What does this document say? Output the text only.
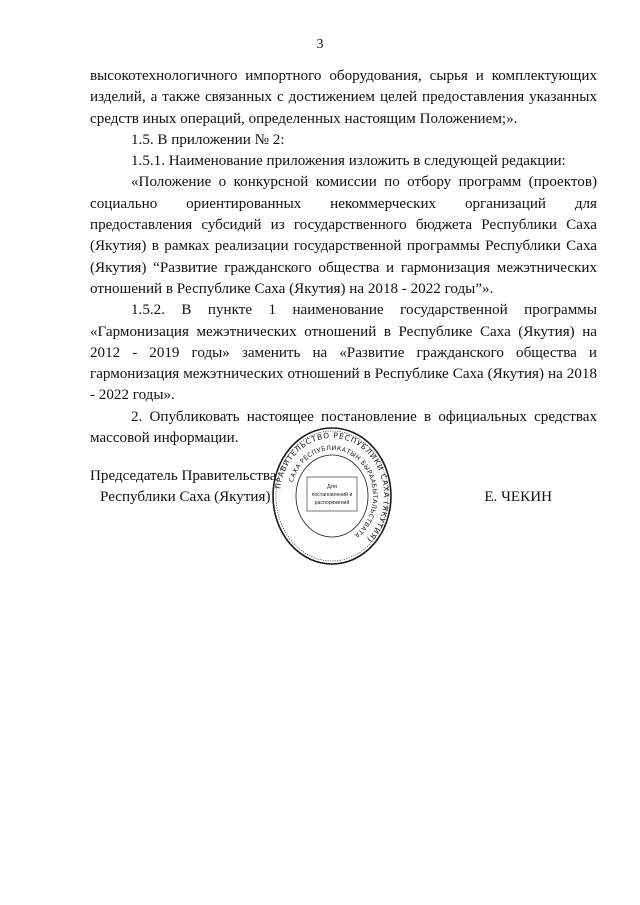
3

высокотехнологичного импортного оборудования, сырья и комплектующих изделий, а также связанных с достижением целей предоставления указанных средств иных операций, определенных настоящим Положением;».

1.5. В приложении № 2:

1.5.1. Наименование приложения изложить в следующей редакции:

«Положение о конкурсной комиссии по отбору программ (проектов) социально ориентированных некоммерческих организаций для предоставления субсидий из государственного бюджета Республики Саха (Якутия) в рамках реализации государственной программы Республики Саха (Якутия) “Развитие гражданского общества и гармонизация межэтнических отношений в Республике Саха (Якутия) на 2018 - 2022 годы”».

1.5.2. В пункте 1 наименование государственной программы «Гармонизация межэтнических отношений в Республике Саха (Якутия) на 2012 - 2019 годы» заменить на «Развитие гражданского общества и гармонизация межэтнических отношений в Республике Саха (Якутия) на 2018 - 2022 годы».

2. Опубликовать настоящее постановление в официальных средствах массовой информации.

Председатель Правительства
Республики Саха (Якутия)	Е. ЧЕКИН
ПРАВИТЕЛЬСТВО РЕСПУБЛИКИ САХА (ЯКУТИЯ)
САХА РЕСПУБЛИКАТЫН БЫРААБЫТАЛЬСТВАТА
Для
постановлений и
распоряжений
